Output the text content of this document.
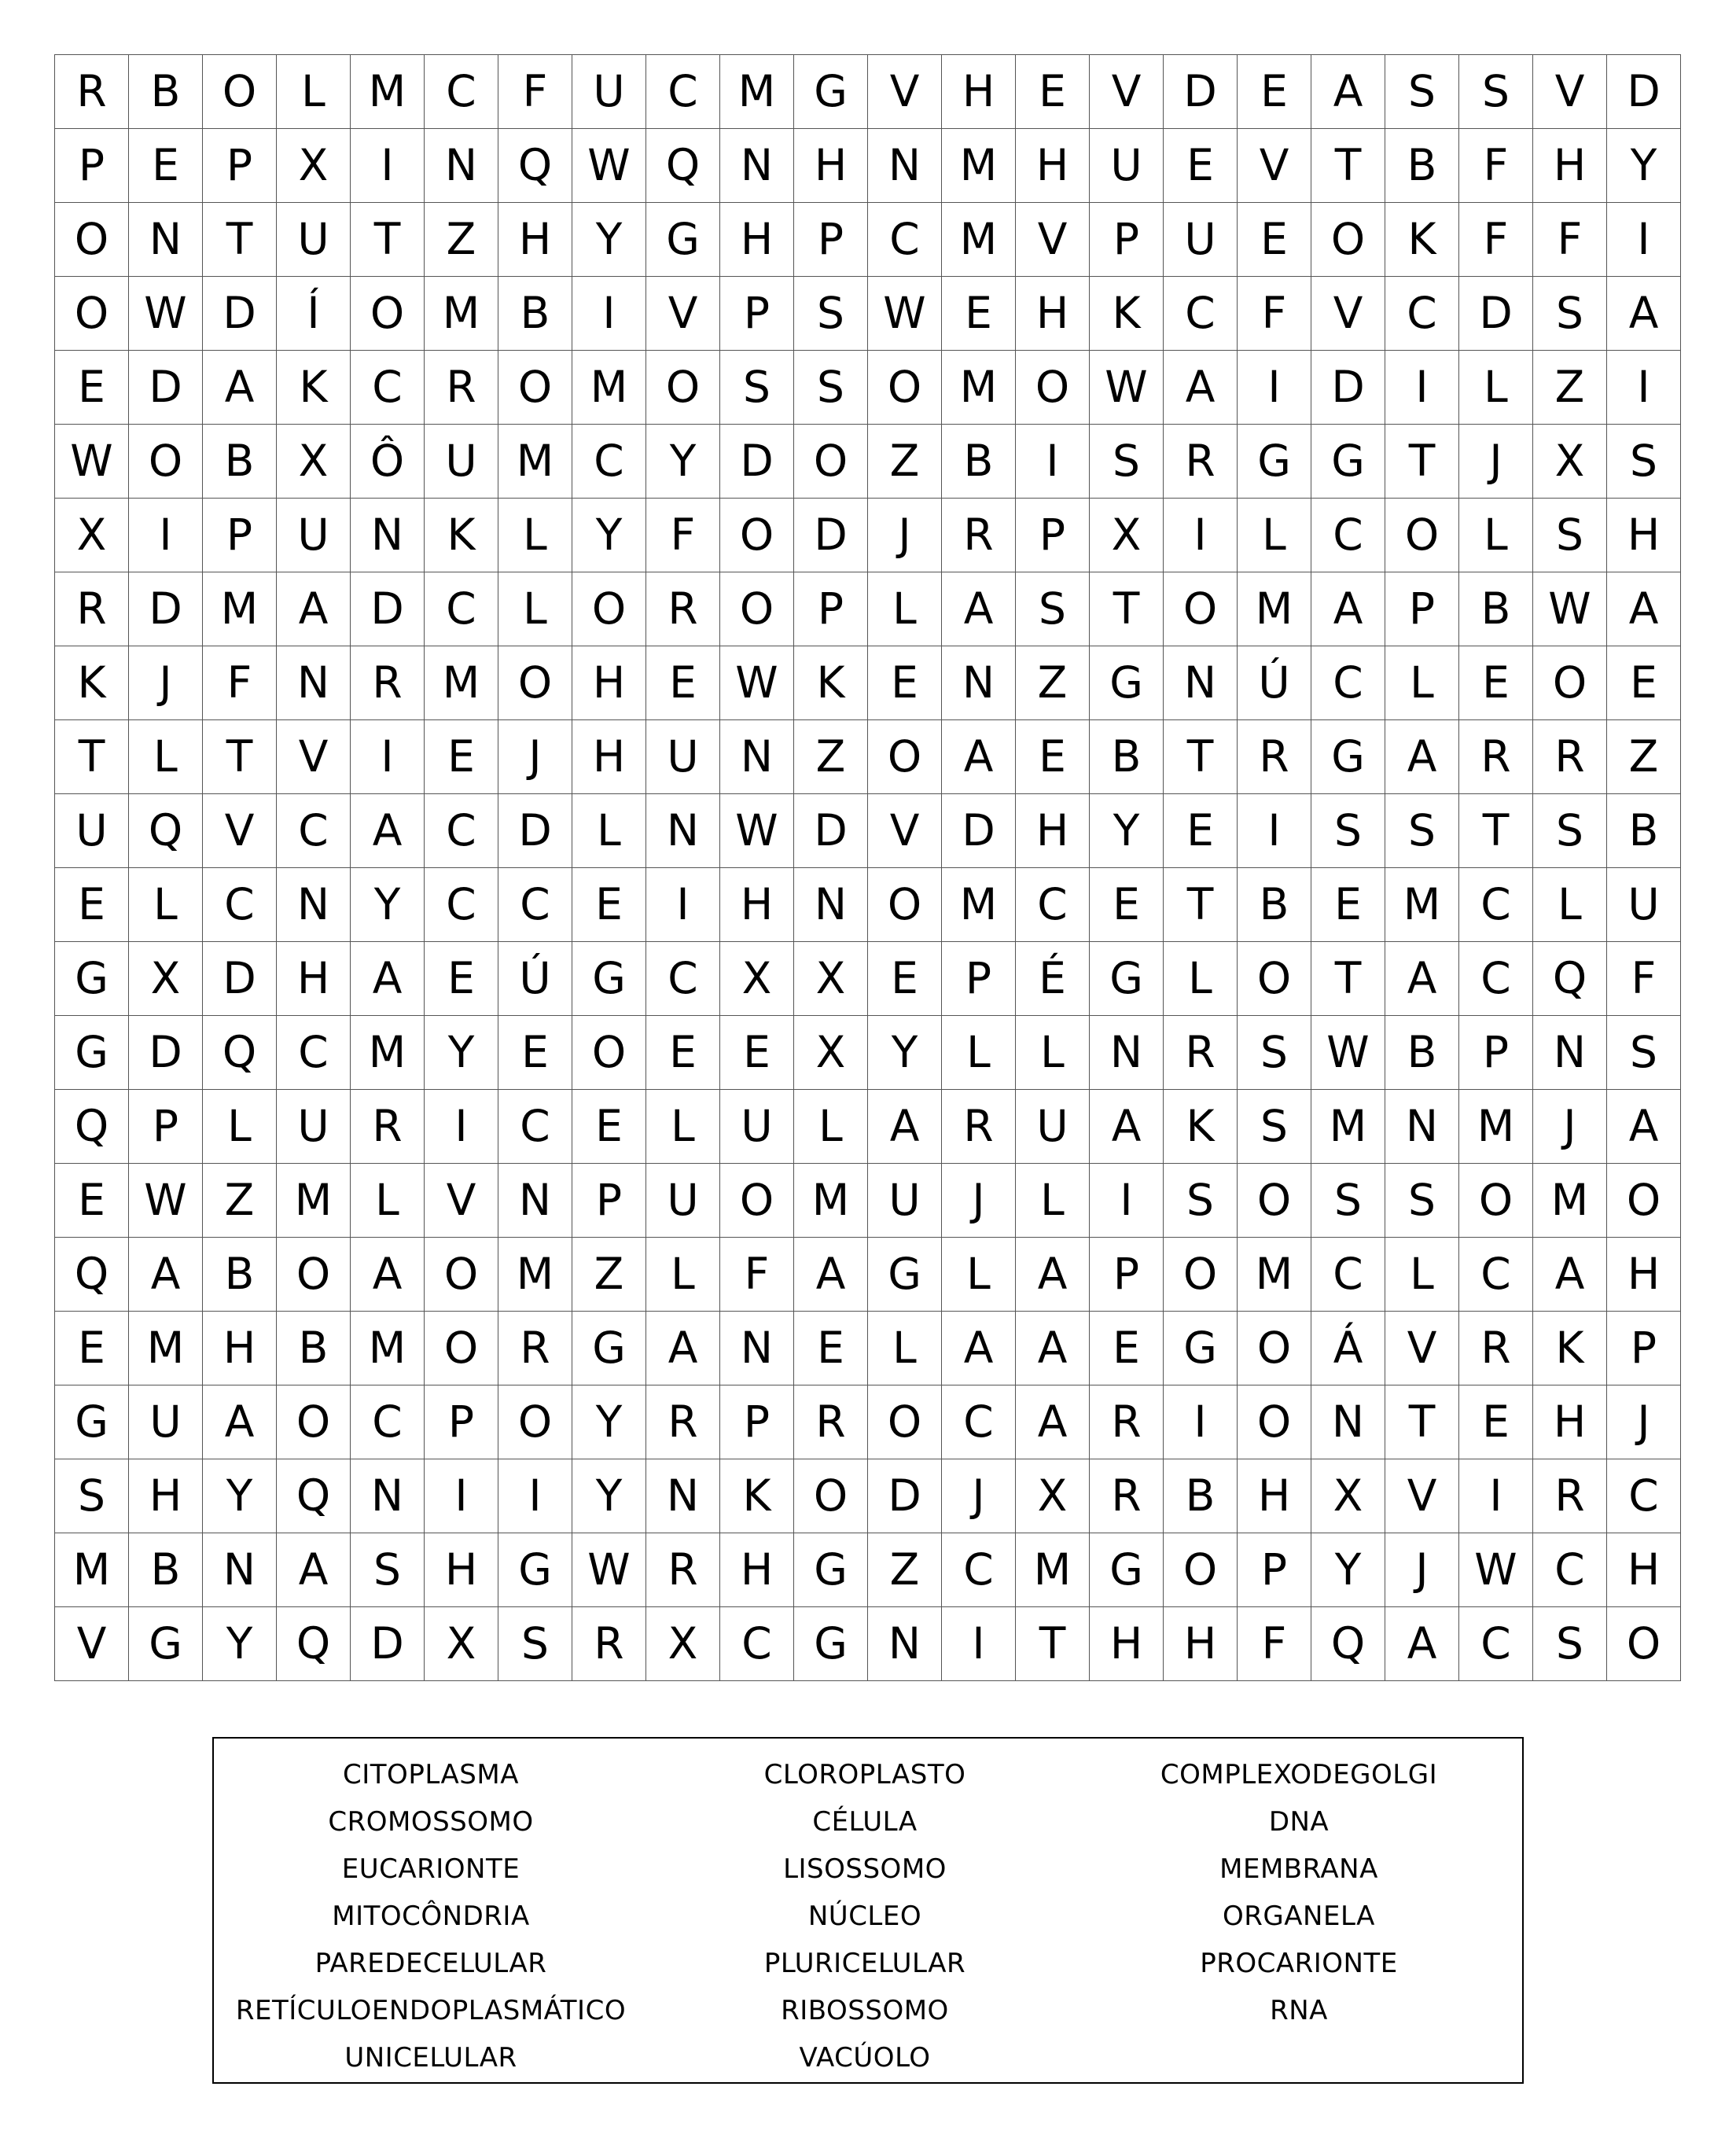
R	B O	L M C	F	U C M G V H	E	V D	E	A	S	S	V D
P	E	P	X	I	N Q W Q N H N M H U	E	V	T	B	F	H	Y
O N	T	U	T	Z H	Y	G H	P	C M V	P	U	E O K	F	F	I
O W D	Í	O M B	I	V	P	S W E	H	K	C	F	V	C D	S	A
E	D A	K	C	R O M O S	S O M O W A	I	D	I	L	Z	I
W O B	X Ô U M C	Y	D O Z	B	I	S	R G G	T	J	X	S
X	I	P	U N	K	L	Y	F	O D	J	R	P	X	I	L	C O	L	S	H
R D M A D C	L	O R O	P	L	A	S	T	O M A	P	B W A
K	J	F	N R M O H	E W K	E	N Z G N Ú C	L	E O E
T	L	T	V	I	E	J	H U N Z O A	E	B	T	R G A	R	R	Z
U Q V	C	A	C D	L	N W D V D H	Y	E	I	S	S	T	S	B
E	L	C N	Y	C	C	E	I	H N O M C	E	T	B	E M C	L	U
G X D H A	E	Ú G C	X	X	E	P	É	G	L	O	T	A	C Q	F
G D Q C M Y	E O E	E	X	Y	L	L	N R	S W B	P	N	S
Q	P	L	U R	I	C	E	L	U	L	A	R U	A	K	S M N M	J	A
E W Z M L	V N	P	U O M U	J	L	I	S O S	S O M O
Q A	B O A O M Z	L	F	A G	L	A	P	O M C	L	C	A H
E M H B M O R G A N	E	L	A	A	E	G O Á	V	R	K	P
G U	A O C	P	O	Y	R	P	R O C	A	R	I	O N	T	E	H	J
S	H	Y	Q N	I	I	Y	N	K O D	J	X	R	B H X	V	I	R	C
M B N A	S	H G W R H G Z	C M G O	P	Y	J	W C H
V G	Y	Q D X	S	R	X	C G N	I	T	H H	F	Q A	C	S O
CITOPLASMA	CLOROPLASTO	COMPLEXODEGOLGI
CROMOSSOMO	CÉLULA	DNA
EUCARIONTE	LISOSSOMO	MEMBRANA
MITOCÔNDRIA	NÚCLEO	ORGANELA
PAREDECELULAR	PLURICELULAR	PROCARIONTE
RETÍCULOENDOPLASMÁTICO	RIBOSSOMO	RNA
UNICELULAR	VACÚOLO
